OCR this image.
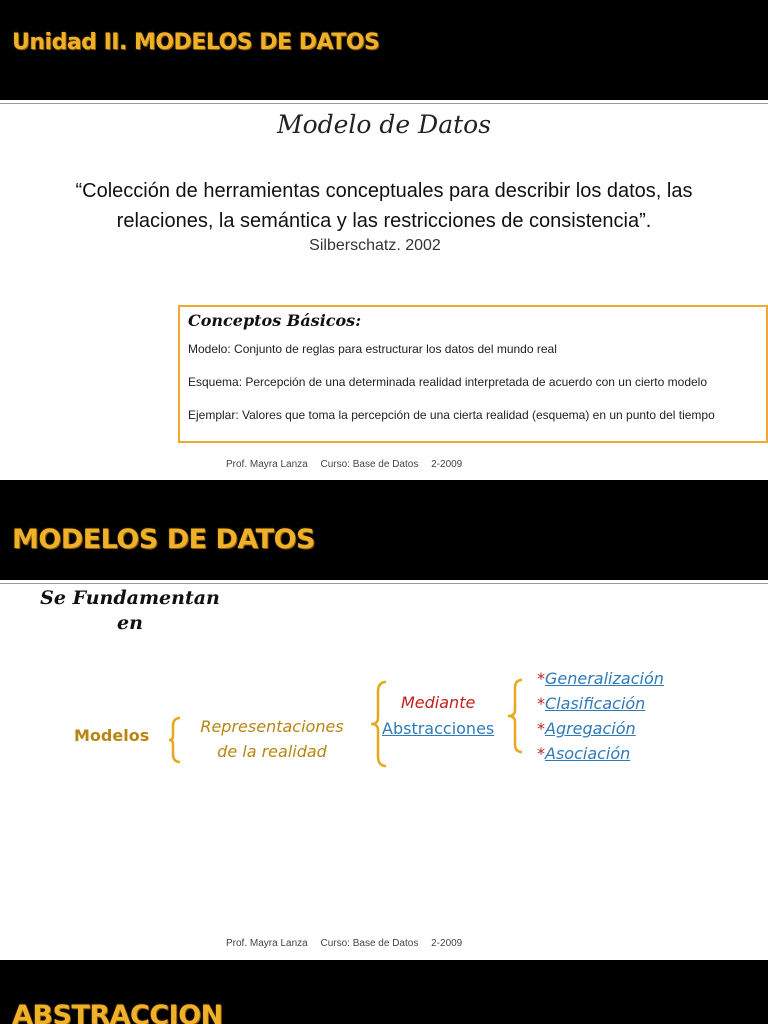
Unidad II. MODELOS DE DATOS
Modelo de Datos
“Colección de herramientas conceptuales para describir los datos, las
relaciones, la semántica y las restricciones de consistencia”.
Silberschatz. 2002
Conceptos Básicos:
Modelo: Conjunto de reglas para estructurar los datos del mundo real
Esquema: Percepción de una determinada realidad interpretada de acuerdo con un cierto modelo
Ejemplar: Valores que toma la percepción de una cierta realidad (esquema) en un punto del tiempo
Prof. Mayra Lanza Curso: Base de Datos 2-2009
MODELOS DE DATOS
Se Fundamentan
en
Modelos	Representaciones
de la realidad
Mediante
Abstracciones
*Generalización
*Clasificación
*Agregación
*Asociación
Prof. Mayra Lanza Curso: Base de Datos 2-2009
ABSTRACCION
